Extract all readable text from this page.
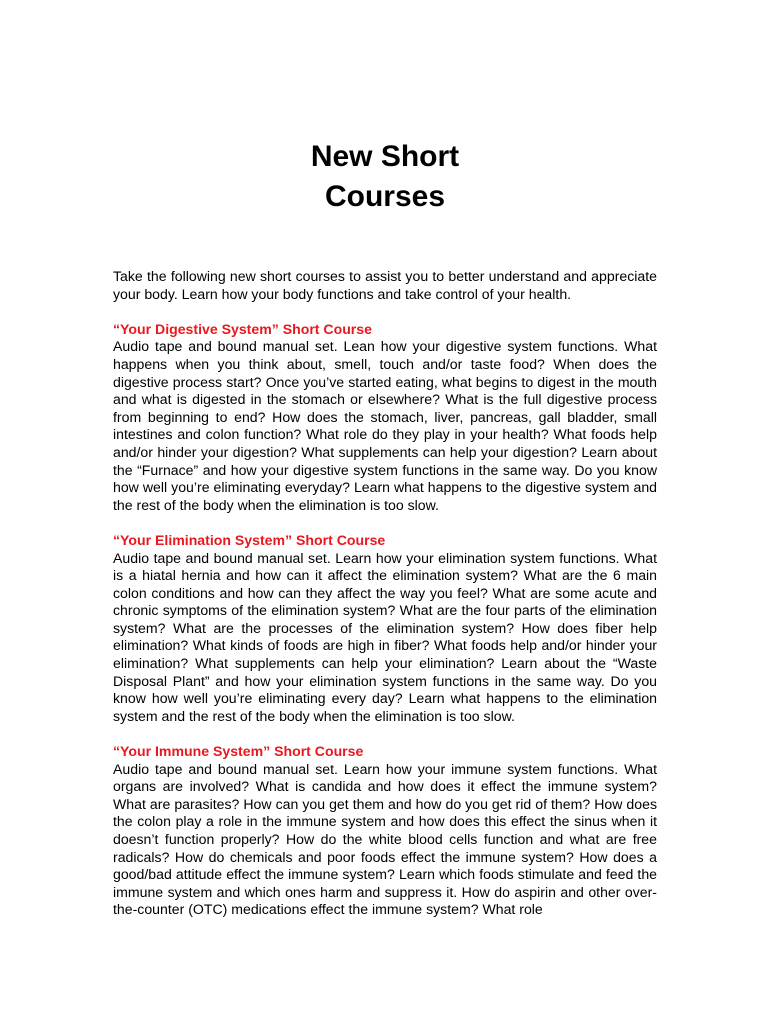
New Short

Courses

Take the following new short courses to assist you to better understand and appreciate your body. Learn how your body functions and take control of your health.

“Your Digestive System” Short Course

Audio tape and bound manual set. Lean how your digestive system functions. What happens when you think about, smell, touch and/or taste food? When does the digestive process start? Once you’ve started eating, what begins to digest in the mouth and what is digested in the stomach or elsewhere? What is the full digestive process from beginning to end? How does the stomach, liver, pancreas, gall bladder, small intestines and colon function? What role do they play in your health? What foods help and/or hinder your digestion? What supplements can help your digestion? Learn about the “Furnace” and how your digestive system functions in the same way. Do you know how well you’re eliminating everyday? Learn what happens to the digestive system and the rest of the body when the elimination is too slow.

“Your Elimination System” Short Course

Audio tape and bound manual set. Learn how your elimination system functions. What is a hiatal hernia and how can it affect the elimination system? What are the 6 main colon conditions and how can they affect the way you feel? What are some acute and chronic symptoms of the elimination system? What are the four parts of the elimination system? What are the processes of the elimination system? How does fiber help elimination? What kinds of foods are high in fiber? What foods help and/or hinder your elimination? What supplements can help your elimination? Learn about the “Waste Disposal Plant” and how your elimination system functions in the same way. Do you know how well you’re eliminating every day? Learn what happens to the elimination system and the rest of the body when the elimination is too slow.

“Your Immune System” Short Course

Audio tape and bound manual set. Learn how your immune system functions. What organs are involved? What is candida and how does it effect the immune system? What are parasites? How can you get them and how do you get rid of them? How does the colon play a role in the immune system and how does this effect the sinus when it doesn’t function properly? How do the white blood cells function and what are free radicals? How do chemicals and poor foods effect the immune system? How does a good/bad attitude effect the immune system? Learn which foods stimulate and feed the immune system and which ones harm and suppress it. How do aspirin and other over-the-counter (OTC) medications effect the immune system? What role
